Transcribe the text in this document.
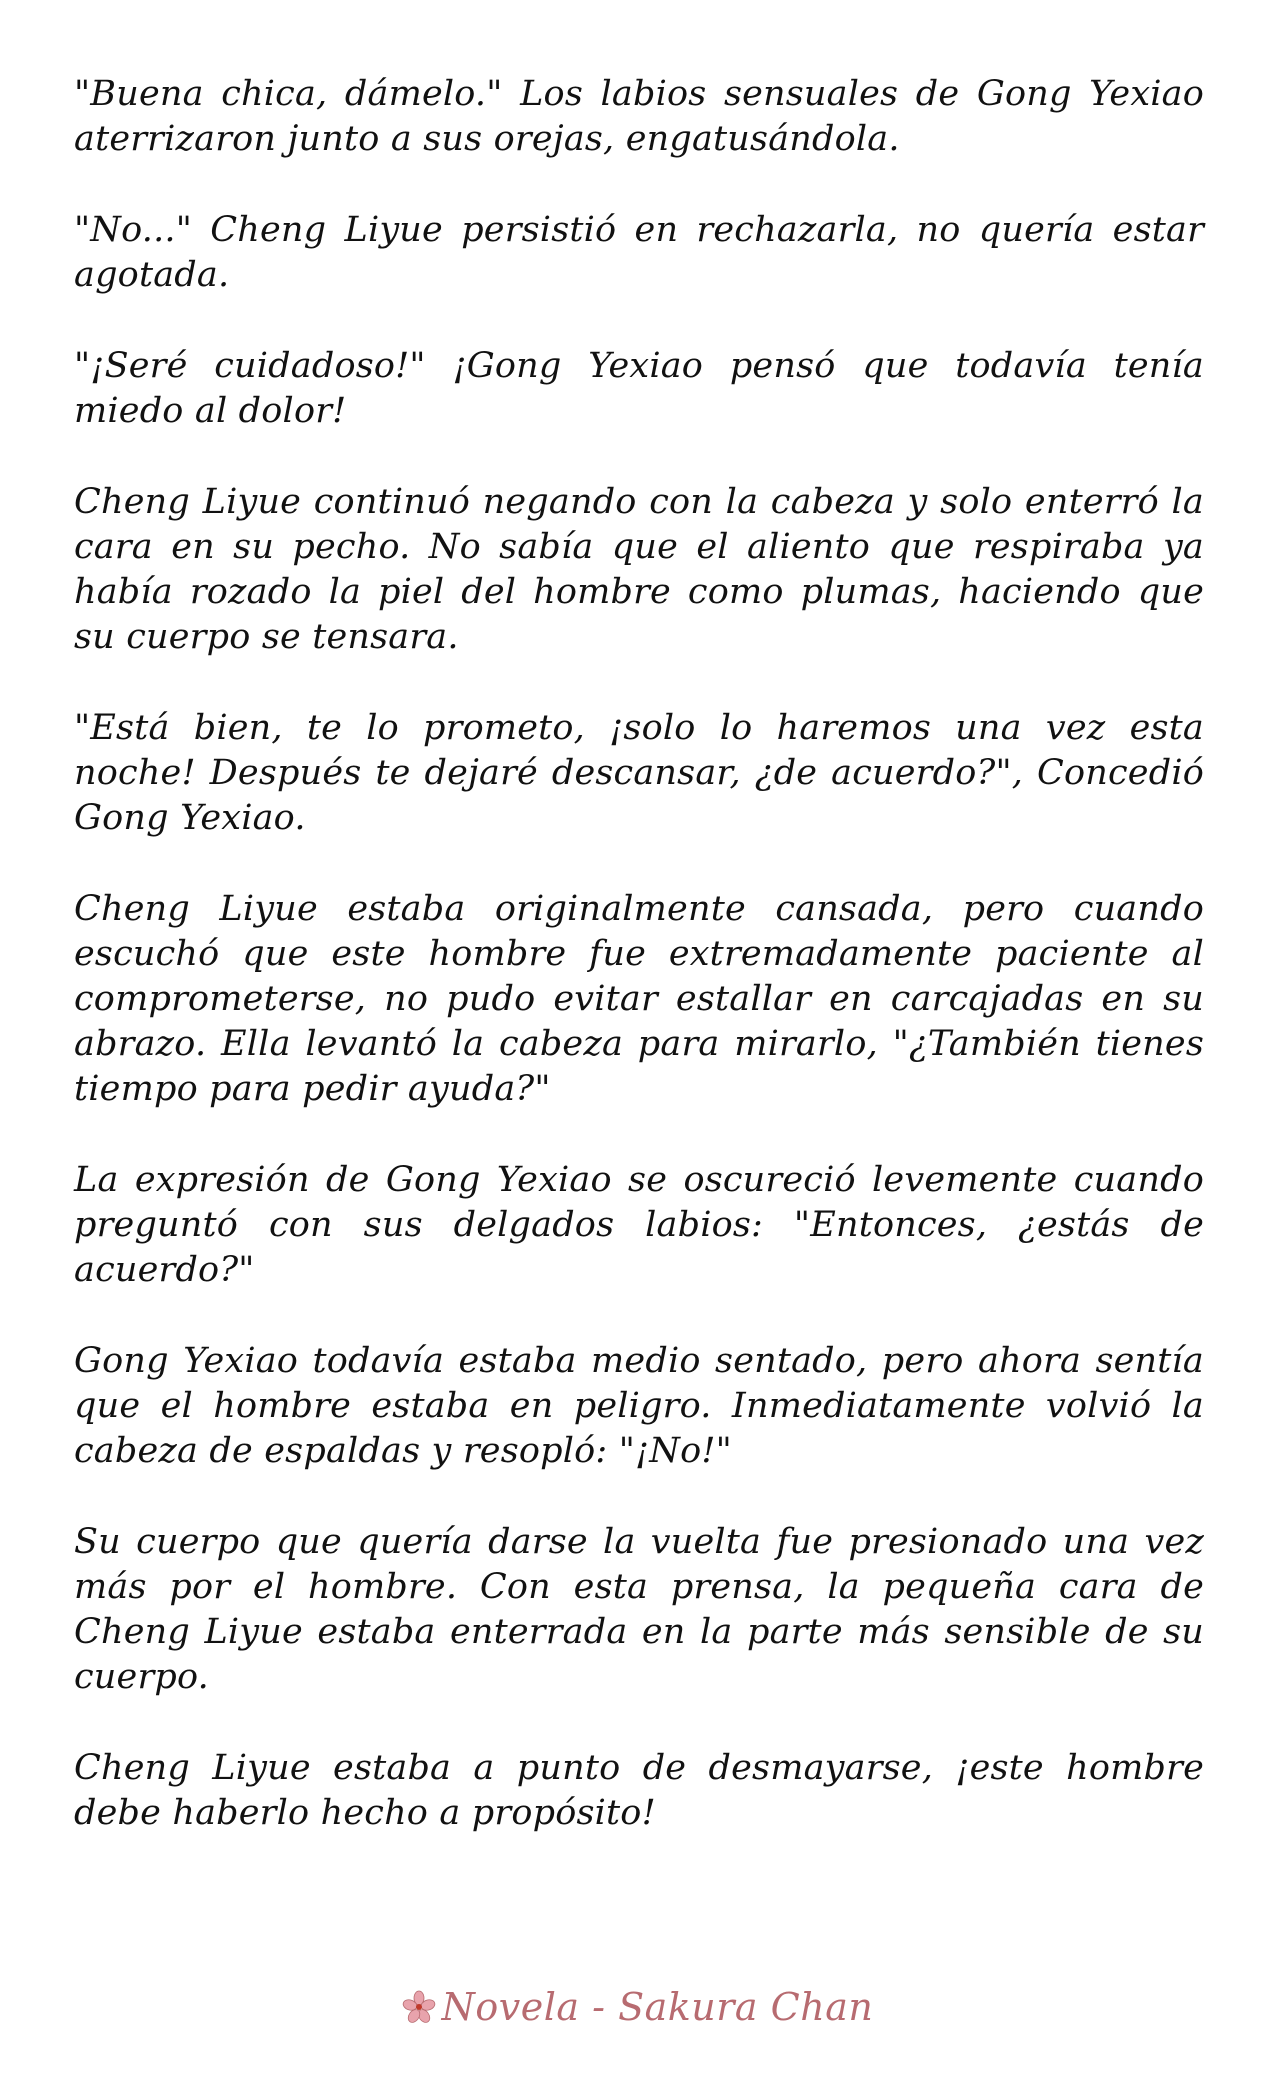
"Buena chica, dámelo." Los labios sensuales de Gong Yexiao aterrizaron junto a sus orejas, engatusándola.

"No..." Cheng Liyue persistió en rechazarla, no quería estar agotada.

"¡Seré cuidadoso!" ¡Gong Yexiao pensó que todavía tenía miedo al dolor!

Cheng Liyue continuó negando con la cabeza y solo enterró la cara en su pecho. No sabía que el aliento que respiraba ya había rozado la piel del hombre como plumas, haciendo que su cuerpo se tensara.

"Está bien, te lo prometo, ¡solo lo haremos una vez esta noche! Después te dejaré descansar, ¿de acuerdo?", Concedió Gong Yexiao.

Cheng Liyue estaba originalmente cansada, pero cuando escuchó que este hombre fue extremadamente paciente al comprometerse, no pudo evitar estallar en carcajadas en su abrazo. Ella levantó la cabeza para mirarlo, "¿También tienes tiempo para pedir ayuda?"

La expresión de Gong Yexiao se oscureció levemente cuando preguntó con sus delgados labios: "Entonces, ¿estás de acuerdo?"

Gong Yexiao todavía estaba medio sentado, pero ahora sentía que el hombre estaba en peligro. Inmediatamente volvió la cabeza de espaldas y resopló: "¡No!"

Su cuerpo que quería darse la vuelta fue presionado una vez más por el hombre. Con esta prensa, la pequeña cara de Cheng Liyue estaba enterrada en la parte más sensible de su cuerpo.

Cheng Liyue estaba a punto de desmayarse, ¡este hombre debe haberlo hecho a propósito!

Novela - Sakura Chan
